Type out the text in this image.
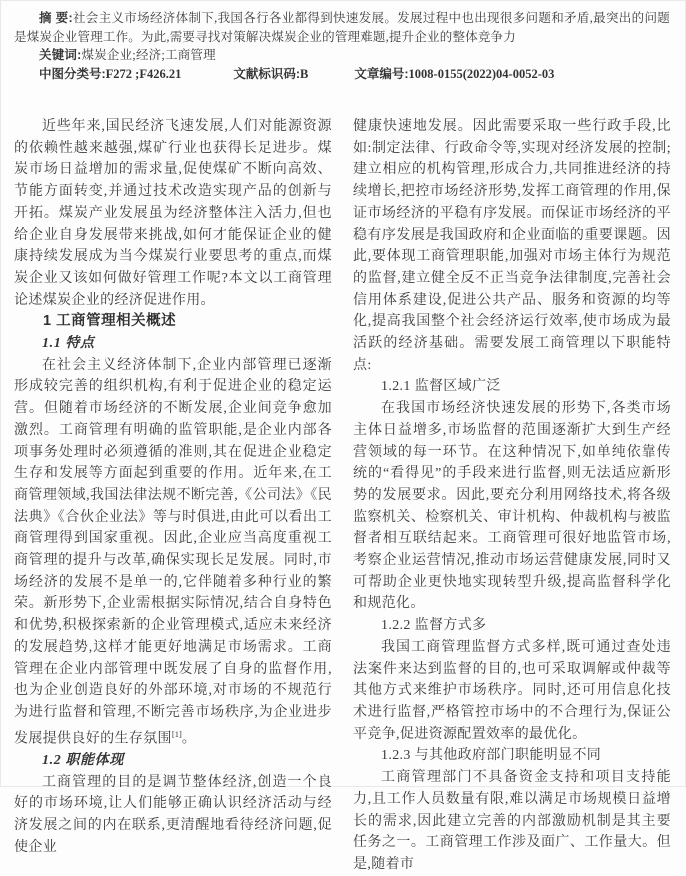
摘 要:社会主义市场经济体制下,我国各行各业都得到快速发展。发展过程中也出现很多问题和矛盾,最突出的问题是煤炭企业管理工作。为此,需要寻找对策解决煤炭企业的管理难题,提升企业的整体竞争力

关键词:煤炭企业;经济;工商管理

中图分类号:F272 ;F426.21	文献标识码:B	文章编号:1008-0155(2022)04-0052-03

近些年来,国民经济飞速发展,人们对能源资源的依赖性越来越强,煤矿行业也获得长足进步。煤炭市场日益增加的需求量,促使煤矿不断向高效、节能方面转变,并通过技术改造实现产品的创新与开拓。煤炭产业发展虽为经济整体注入活力,但也给企业自身发展带来挑战,如何才能保证企业的健康持续发展成为当今煤炭行业要思考的重点,而煤炭企业又该如何做好管理工作呢?本文以工商管理论述煤炭企业的经济促进作用。

1 工商管理相关概述
1.1 特点

在社会主义经济体制下,企业内部管理已逐渐形成较完善的组织机构,有利于促进企业的稳定运营。但随着市场经济的不断发展,企业间竞争愈加激烈。工商管理有明确的监管职能,是企业内部各项事务处理时必须遵循的准则,其在促进企业稳定生存和发展等方面起到重要的作用。近年来,在工商管理领域,我国法律法规不断完善,《公司法》《民法典》《合伙企业法》等与时俱进,由此可以看出工商管理得到国家重视。因此,企业应当高度重视工商管理的提升与改革,确保实现长足发展。同时,市场经济的发展不是单一的,它伴随着多种行业的繁荣。新形势下,企业需根据实际情况,结合自身特色和优势,积极探索新的企业管理模式,适应未来经济的发展趋势,这样才能更好地满足市场需求。工商管理在企业内部管理中既发展了自身的监督作用,也为企业创造良好的外部环境,对市场的不规范行为进行监督和管理,不断完善市场秩序,为企业进步发展提供良好的生存氛围[1]。

1.2 职能体现

工商管理的目的是调节整体经济,创造一个良好的市场环境,让人们能够正确认识经济活动与经济发展之间的内在联系,更清醒地看待经济问题,促使企业

健康快速地发展。因此需要采取一些行政手段,比如:制定法律、行政命令等,实现对经济发展的控制;建立相应的机构管理,形成合力,共同推进经济的持续增长,把控市场经济形势,发挥工商管理的作用,保证市场经济的平稳有序发展。而保证市场经济的平稳有序发展是我国政府和企业面临的重要课题。因此,要体现工商管理职能,加强对市场主体行为规范的监督,建立健全反不正当竞争法律制度,完善社会信用体系建设,促进公共产品、服务和资源的均等化,提高我国整个社会经济运行效率,使市场成为最活跃的经济基础。需要发展工商管理以下职能特点:

1.2.1 监督区域广泛

在我国市场经济快速发展的形势下,各类市场主体日益增多,市场监督的范围逐渐扩大到生产经营领域的每一环节。在这种情况下,如单纯依靠传统的“看得见”的手段来进行监督,则无法适应新形势的发展要求。因此,要充分利用网络技术,将各级监察机关、检察机关、审计机构、仲裁机构与被监督者相互联结起来。工商管理可很好地监管市场,考察企业运营情况,推动市场运营健康发展,同时又可帮助企业更快地实现转型升级,提高监督科学化和规范化。

1.2.2 监督方式多

我国工商管理监督方式多样,既可通过查处违法案件来达到监督的目的,也可采取调解或仲裁等其他方式来维护市场秩序。同时,还可用信息化技术进行监督,严格管控市场中的不合理行为,保证公平竞争,促进资源配置效率的最优化。

1.2.3 与其他政府部门职能明显不同

工商管理部门不具备资金支持和项目支持能力,且工作人员数量有限,难以满足市场规模日益增长的需求,因此建立完善的内部激励机制是其主要任务之一。工商管理工作涉及面广、工作量大。但是,随着市
